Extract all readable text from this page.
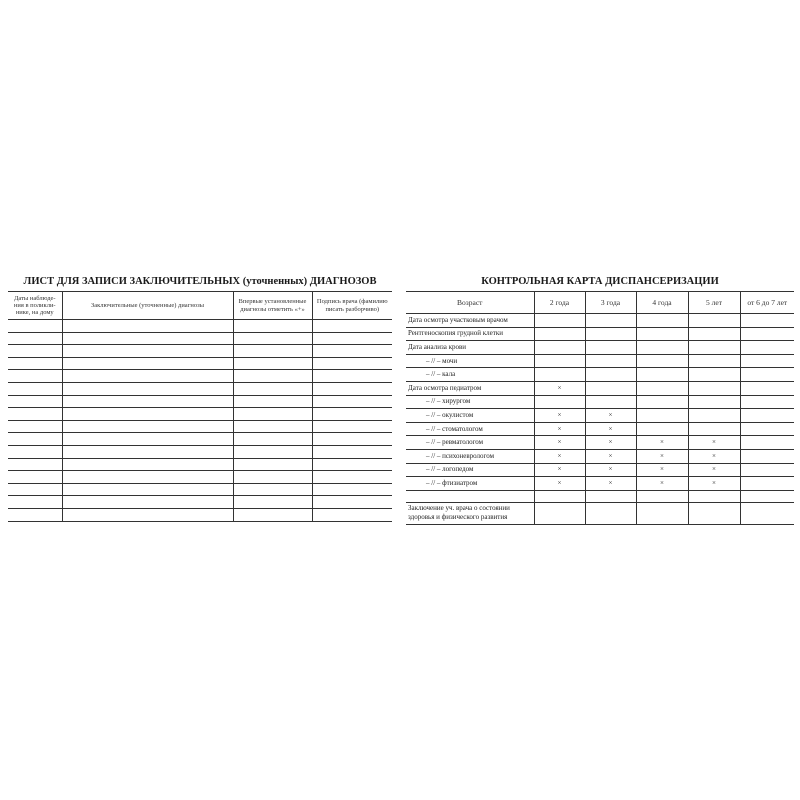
ЛИСТ ДЛЯ ЗАПИСИ ЗАКЛЮЧИТЕЛЬНЫХ (уточненных) ДИАГНОЗОВ
Даты наблюде-ния в поликли-нике, на дому	Заключительные (уточненные) диагнозы	Впервые установленные диагнозы отметить «+»	Подпись врача (фамилию писать разборчиво)

КОНТРОЛЬНАЯ КАРТА ДИСПАНСЕРИЗАЦИИ
Возраст	2 года	3 года	4 года	5 лет	от 6 до 7 лет
Дата осмотра участковым врачом					
Рентгеноскопия грудной клетки					
Дата анализа крови					
– // – мочи					
– // – кала					
Дата осмотра педиатром	×				
– // – хирургом					
– // – окулистом	×	×			
– // – стоматологом	×	×			
– // – ревматологом	×	×	×	×	
– // – психоневрологом	×	×	×	×	
– // – логопедом	×	×	×	×	
– // – фтизиатром	×	×	×	×	

Заключение уч. врача о состоянии здоровья и физического развития					
